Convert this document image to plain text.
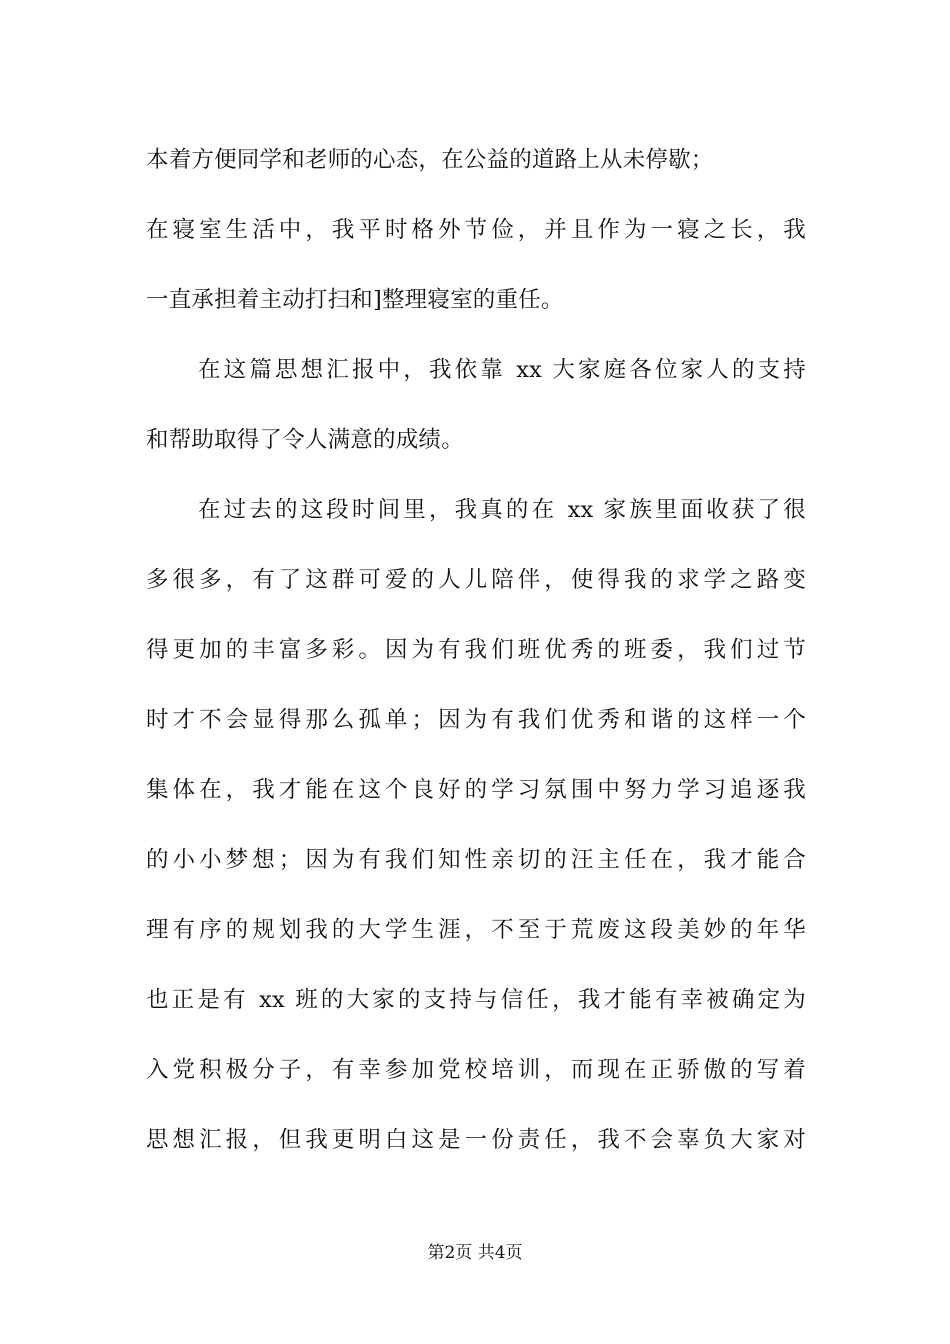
本着方便同学和老师的心态，在公益的道路上从未停歇；
在寝室生活中，我平时格外节俭，并且作为一寝之长，我
一直承担着主动打扫和]整理寝室的重任。
在这篇思想汇报中，我依靠 xx 大家庭各位家人的支持
和帮助取得了令人满意的成绩。
在过去的这段时间里，我真的在 xx 家族里面收获了很
多很多，有了这群可爱的人儿陪伴，使得我的求学之路变
得更加的丰富多彩。因为有我们班优秀的班委，我们过节
时才不会显得那么孤单；因为有我们优秀和谐的这样一个
集体在，我才能在这个良好的学习氛围中努力学习追逐我
的小小梦想；因为有我们知性亲切的汪主任在，我才能合
理有序的规划我的大学生涯，不至于荒废这段美妙的年华
也正是有 xx 班的大家的支持与信任，我才能有幸被确定为
入党积极分子，有幸参加党校培训，而现在正骄傲的写着
思想汇报，但我更明白这是一份责任，我不会辜负大家对
第2页 共4页
